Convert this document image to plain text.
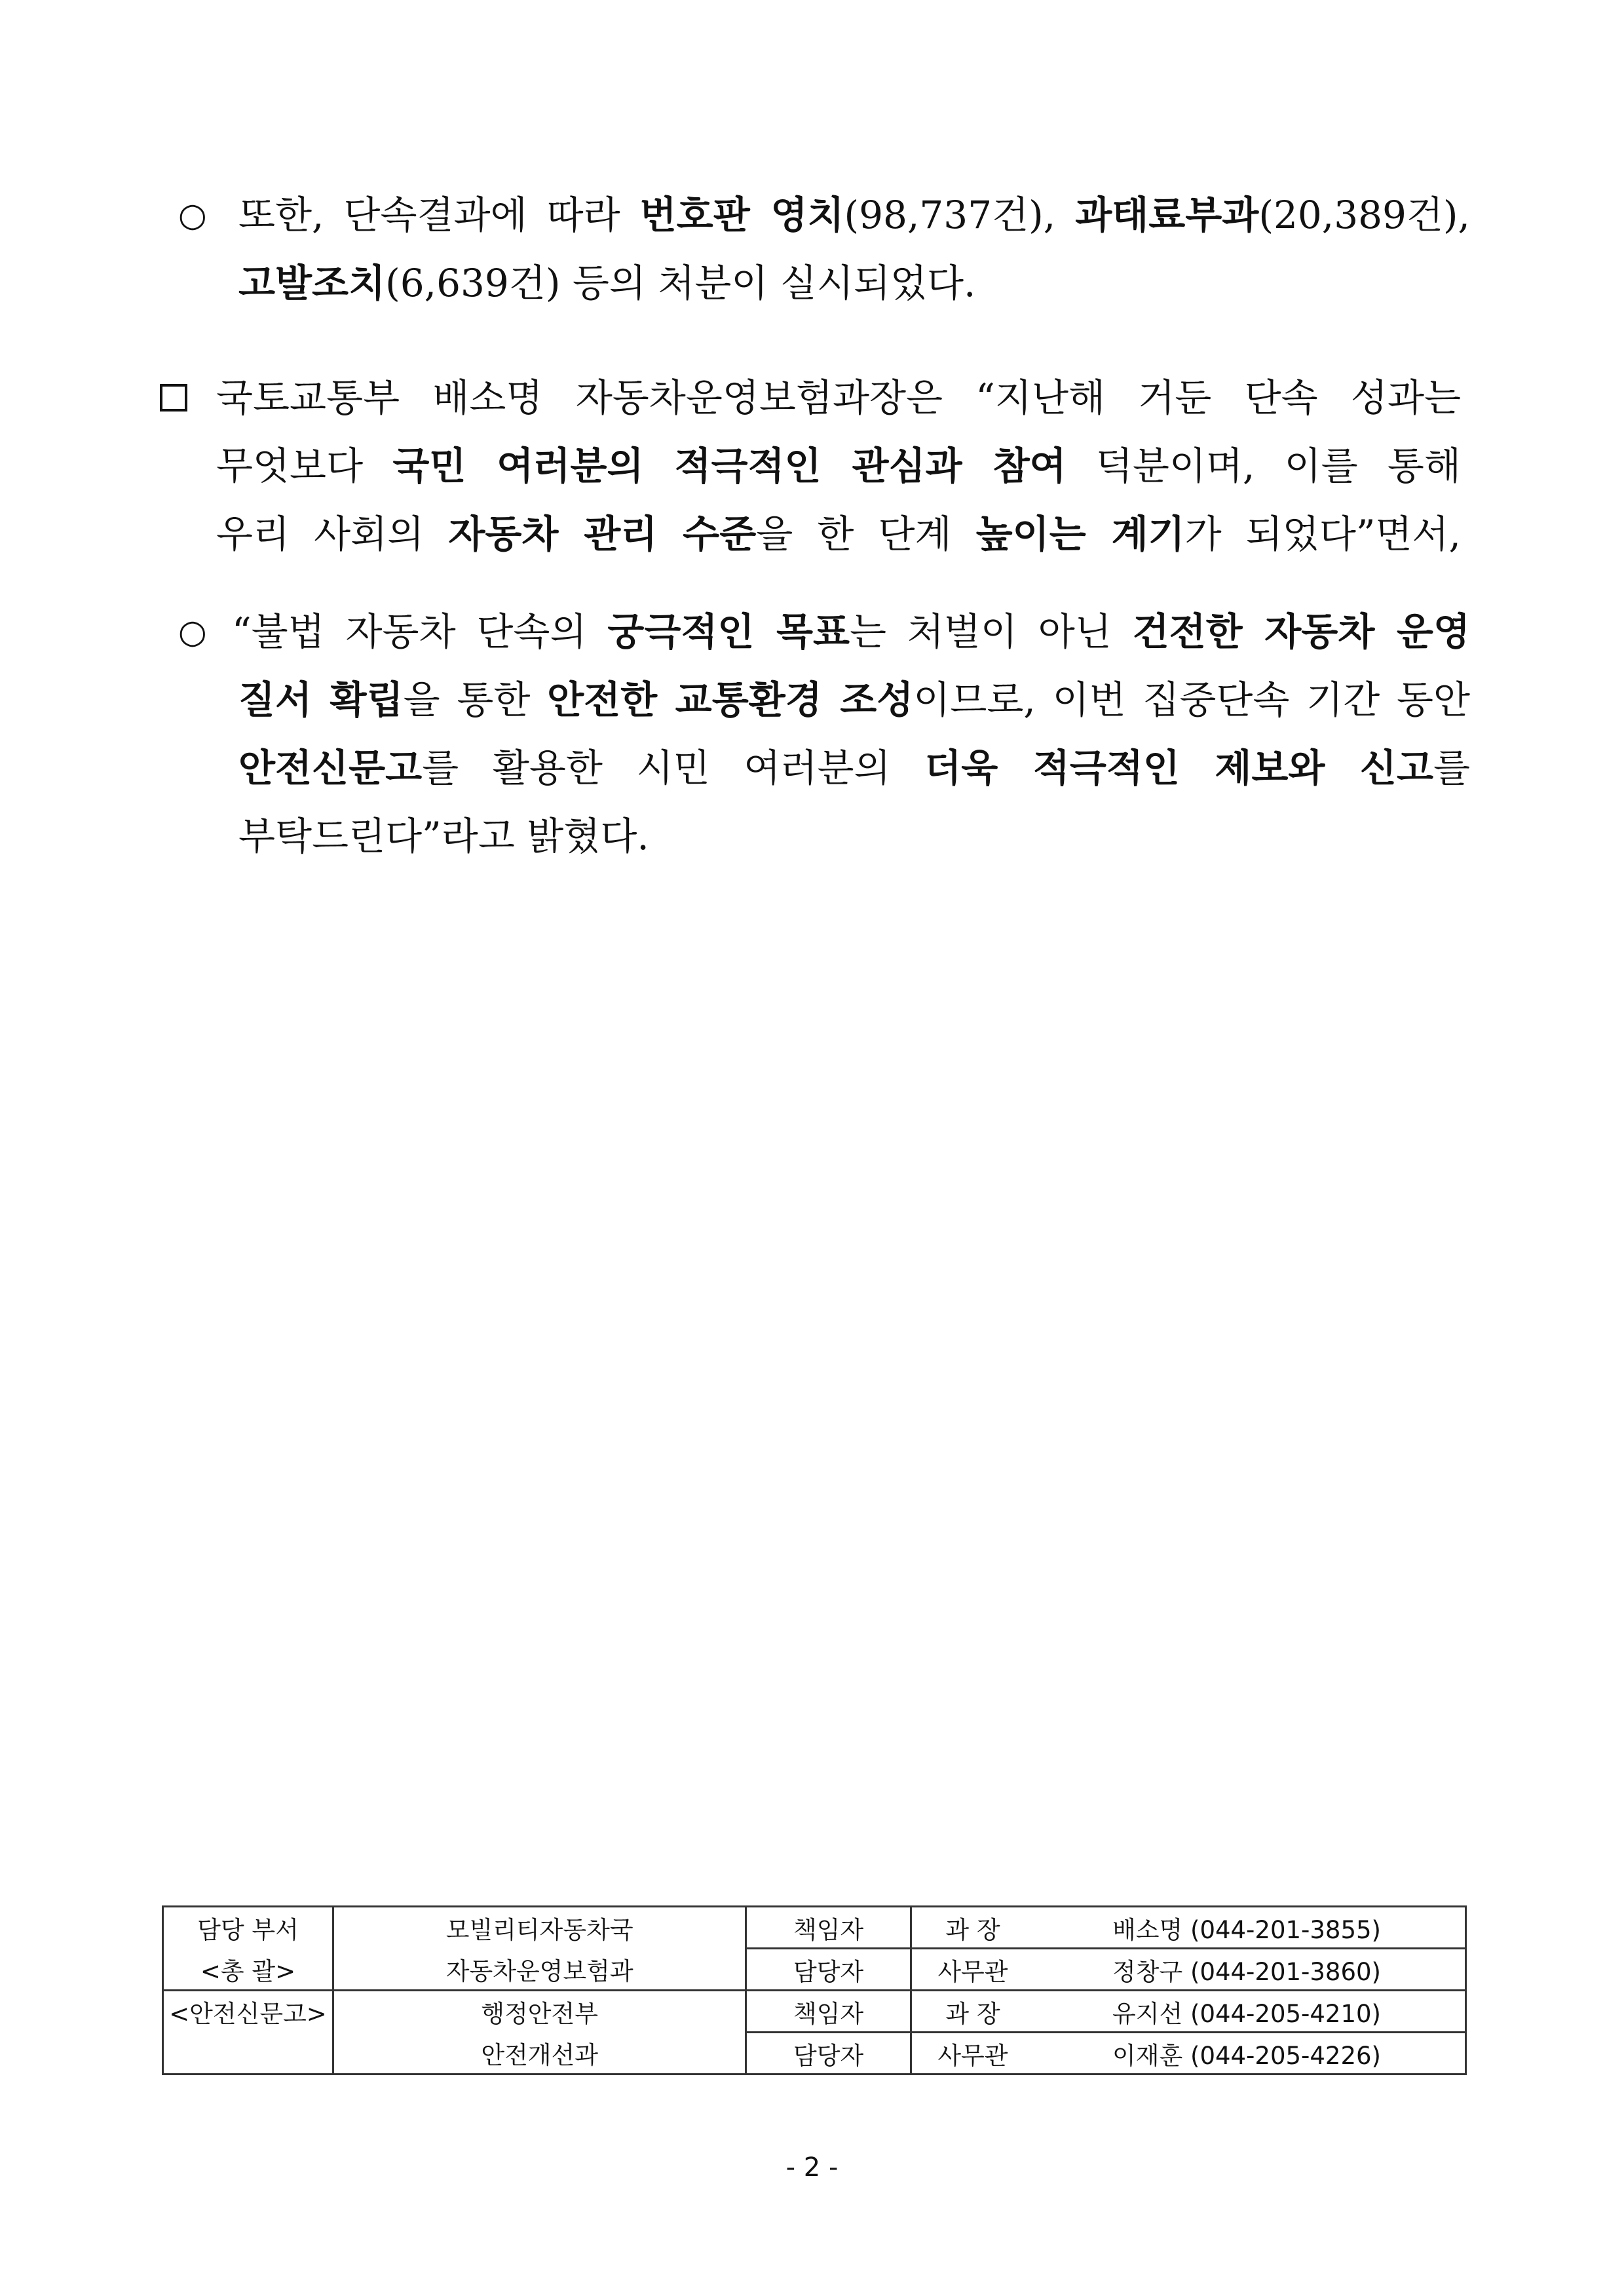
○ 또한, 단속결과에 따라 번호판 영치(98,737건), 과태료부과(20,389건),
고발조치(6,639건) 등의 처분이 실시되었다.
국토교통부 배소명 자동차운영보험과장은 “지난해 거둔 단속 성과는
무엇보다 국민 여러분의 적극적인 관심과 참여 덕분이며, 이를 통해
우리 사회의 자동차 관리 수준을 한 단계 높이는 계기가 되었다”면서,
○ “불법 자동차 단속의 궁극적인 목표는 처벌이 아닌 건전한 자동차 운영
질서 확립을 통한 안전한 교통환경 조성이므로, 이번 집중단속 기간 동안
안전신문고를 활용한 시민 여러분의 더욱 적극적인 제보와 신고를
부탁드린다”라고 밝혔다.
담당 부서	모빌리티자동차국	책임자	과 장	배소명 (044-201-3855)
<총 괄>	자동차운영보험과	담당자	사무관	정창구 (044-201-3860)
<안전신문고>	행정안전부	책임자	과 장	유지선 (044-205-4210)
	안전개선과	담당자	사무관	이재훈 (044-205-4226)
- 2 -
